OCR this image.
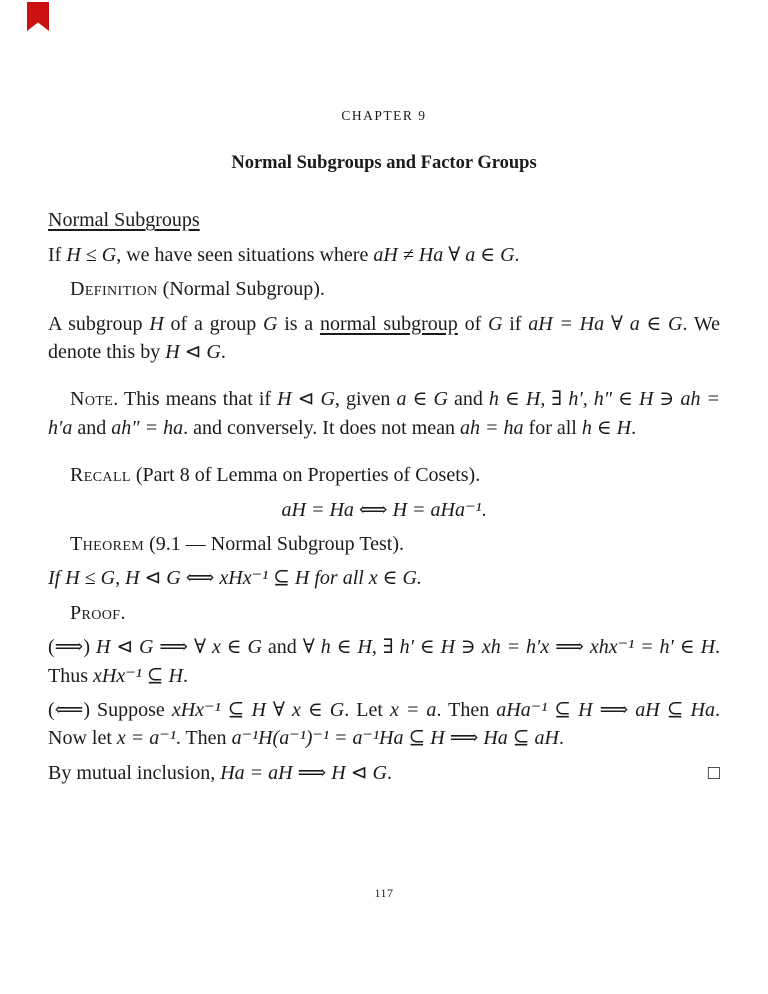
CHAPTER 9
Normal Subgroups and Factor Groups

Normal Subgroups

If H ≤ G, we have seen situations where aH ≠ Ha ∀ a ∈ G.

Definition (Normal Subgroup).

A subgroup H of a group G is a normal subgroup of G if aH = Ha ∀ a ∈ G. We denote this by H ⊲ G.

Note. This means that if H ⊲ G, given a ∈ G and h ∈ H, ∃ h′, h″ ∈ H ∋ ah = h′a and ah″ = ha. and conversely. It does not mean ah = ha for all h ∈ H.

Recall (Part 8 of Lemma on Properties of Cosets).

aH = Ha ⟺ H = aHa⁻¹.

Theorem (9.1 — Normal Subgroup Test).

If H ≤ G, H ⊲ G ⟺ xHx⁻¹ ⊆ H for all x ∈ G.

Proof.

(⟹) H ⊲ G ⟹ ∀ x ∈ G and ∀ h ∈ H, ∃ h′ ∈ H ∋ xh = h′x ⟹ xhx⁻¹ = h′ ∈ H. Thus xHx⁻¹ ⊆ H.

(⟸) Suppose xHx⁻¹ ⊆ H ∀ x ∈ G. Let x = a. Then aHa⁻¹ ⊆ H ⟹ aH ⊆ Ha. Now let x = a⁻¹. Then a⁻¹H(a⁻¹)⁻¹ = a⁻¹Ha ⊆ H ⟹ Ha ⊆ aH.

By mutual inclusion, Ha = aH ⟹ H ⊲ G.	□

117
